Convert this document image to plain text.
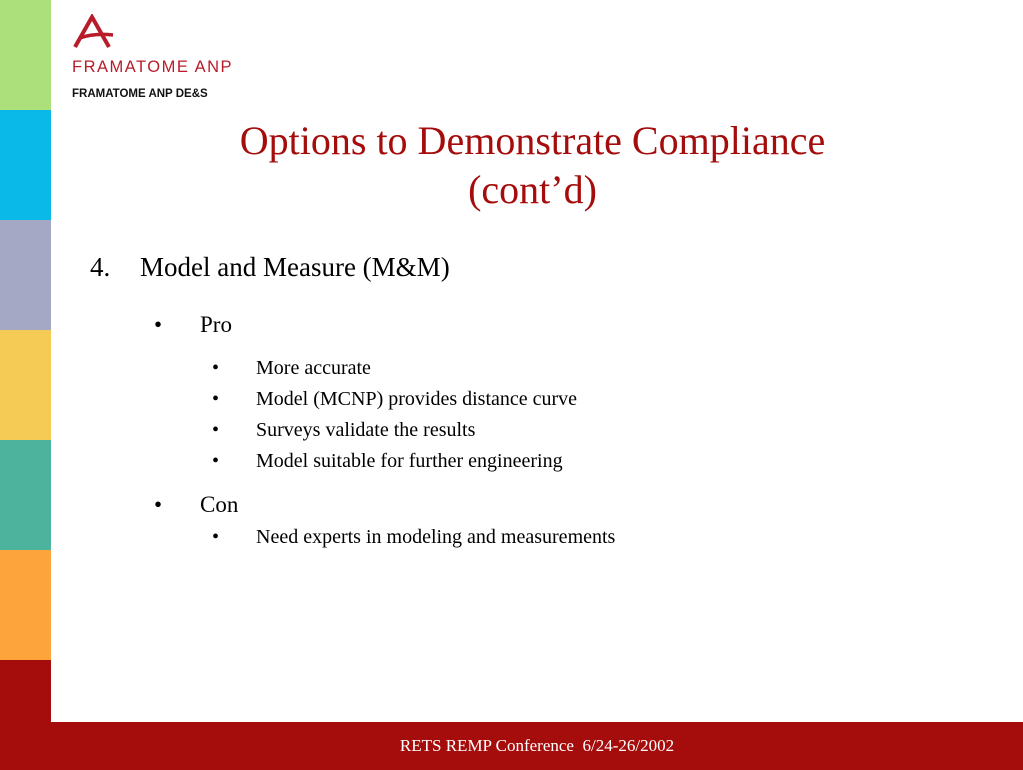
FRAMATOME ANP
FRAMATOME ANP DE&S
Options to Demonstrate Compliance
(cont’d)
4.	Model and Measure (M&M)
•	Pro
•	More accurate
•	Model (MCNP) provides distance curve
•	Surveys validate the results
•	Model suitable for further engineering
•	Con
•	Need experts in modeling and measurements
RETS REMP Conference  6/24-26/2002
